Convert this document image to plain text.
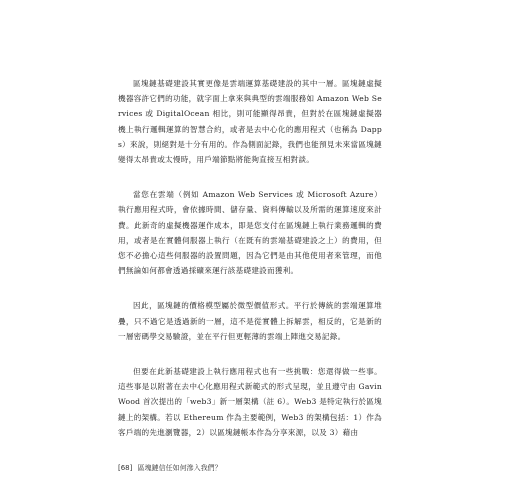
區塊鏈基礎建設其實更像是雲端運算基礎建設的其中一層。區塊鏈虛擬機器容許它們的功能，就字面上拿來與典型的雲端服務如 Amazon Web Services 或 DigitalOcean 相比，則可能顯得昂貴，但對於在區塊鏈虛擬器機上執行邏輯運算的智慧合約，或者是去中心化的應用程式（也稱為 Dapps）來說，則絕對是十分有用的。作為側面記錄，我們也能預見未來當區塊鏈變得太昂貴或太慢時，用戶端節點將能夠直接互相對談。

當您在雲端（例如 Amazon Web Services 或 Microsoft Azure）執行應用程式時，會依據時間、儲存量、資料傳輸以及所需的運算速度來計費。此新奇的虛擬機器運作成本，即是您支付在區塊鏈上執行業務邏輯的費用，或者是在實體伺服器上執行（在既有的雲端基礎建設之上）的費用，但您不必擔心這些伺服器的設置問題，因為它們是由其他使用者來管理，而他們無論如何都會透過採礦來運行該基礎建設而獲利。

因此，區塊鏈的價格模型屬於微型價值形式。平行於傳統的雲端運算堆疊，只不過它是透過新的一層，這不是從實體上拆解雲，相反的，它是新的一層密碼學交易驗證，並在平行但更輕薄的雲端上陣進交易記錄。

但要在此新基礎建設上執行應用程式也有一些挑戰：您還得做一些事。這些事是以附著在去中心化應用程式新範式的形式呈現，並且遵守由 Gavin Wood 首次提出的「web3」新一層架構（註 6）。Web3 是特定執行於區塊鏈上的架構。若以 Ethereum 作為主要範例，Web3 的架構包括：1）作為客戶端的先進瀏覽器，2）以區塊鏈帳本作為分享來源，以及 3）藉由

[68] 區塊鏈信任如何滲入我們？
